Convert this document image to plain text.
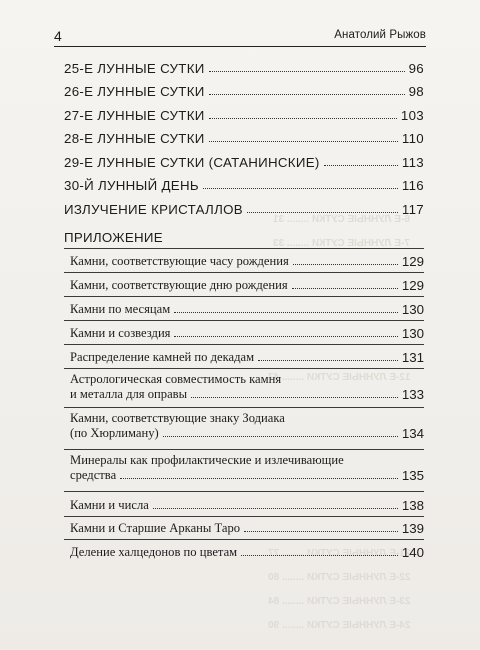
6-Е ЛУННЫЕ СУТКИ ........ 31
7-Е ЛУННЫЕ СУТКИ ........ 33
12-Е ЛУННЫЕ СУТКИ ........ 47
21-Е ЛУННЫЕ СУТКИ ........ 77
22-Е ЛУННЫЕ СУТКИ ........ 80
23-Е ЛУННЫЕ СУТКИ ........ 84
24-Е ЛУННЫЕ СУТКИ ........ 90
4	Анатолий Рыжов
25-Е ЛУННЫЕ СУТКИ	96
26-Е ЛУННЫЕ СУТКИ	98
27-Е ЛУННЫЕ СУТКИ	103
28-Е ЛУННЫЕ СУТКИ	110
29-Е ЛУННЫЕ СУТКИ (САТАНИНСКИЕ)	113
30-Й ЛУННЫЙ ДЕНЬ	116
ИЗЛУЧЕНИЕ КРИСТАЛЛОВ	117
ПРИЛОЖЕНИЕ
Камни, соответствующие часу рождения	129
Камни, соответствующие дню рождения	129
Камни по месяцам	130
Камни и созвездия	130
Распределение камней по декадам	131
Астрологическая совместимость камня
и металла для оправы	133
Камни, соответствующие знаку Зодиака
(по Хюрлиману)	134
Минералы как профилактические и излечивающие
средства	135
Камни и числа	138
Камни и Старшие Арканы Таро	139
Деление халцедонов по цветам	140
